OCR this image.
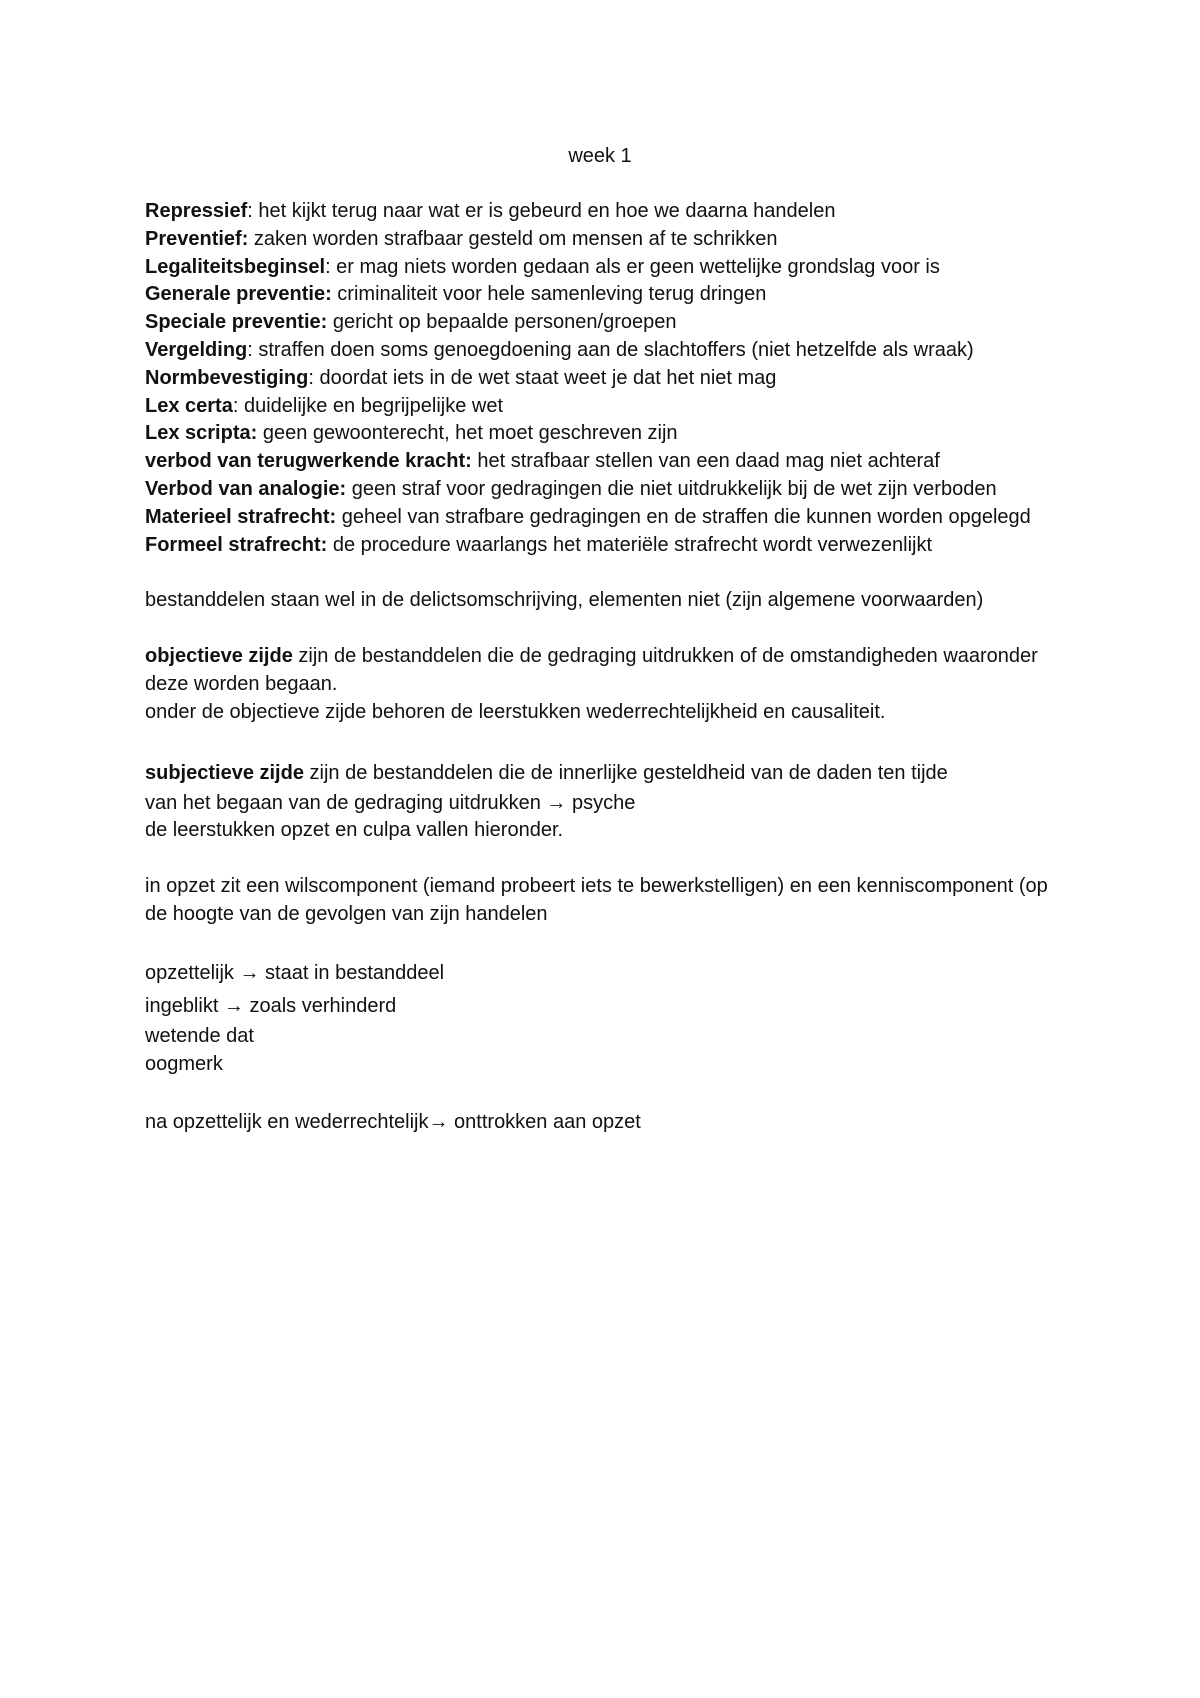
week 1

Repressief: het kijkt terug naar wat er is gebeurd en hoe we daarna handelen

Preventief: zaken worden strafbaar gesteld om mensen af te schrikken

Legaliteitsbeginsel: er mag niets worden gedaan als er geen wettelijke grondslag voor is

Generale preventie: criminaliteit voor hele samenleving terug dringen

Speciale preventie: gericht op bepaalde personen/groepen

Vergelding: straffen doen soms genoegdoening aan de slachtoffers (niet hetzelfde als wraak)

Normbevestiging: doordat iets in de wet staat weet je dat het niet mag

Lex certa: duidelijke en begrijpelijke wet

Lex scripta: geen gewoonterecht, het moet geschreven zijn

verbod van terugwerkende kracht: het strafbaar stellen van een daad mag niet achteraf

Verbod van analogie: geen straf voor gedragingen die niet uitdrukkelijk bij de wet zijn verboden

Materieel strafrecht: geheel van strafbare gedragingen en de straffen die kunnen worden opgelegd

Formeel strafrecht: de procedure waarlangs het materiële strafrecht wordt verwezenlijkt

bestanddelen staan wel in de delictsomschrijving, elementen niet (zijn algemene voorwaarden)

objectieve zijde zijn de bestanddelen die de gedraging uitdrukken of de omstandigheden waaronder deze worden begaan.

onder de objectieve zijde behoren de leerstukken wederrechtelijkheid en causaliteit.

subjectieve zijde zijn de bestanddelen die de innerlijke gesteldheid van de daden ten tijde

van het begaan van de gedraging uitdrukken → psyche

de leerstukken opzet en culpa vallen hieronder.

in opzet zit een wilscomponent (iemand probeert iets te bewerkstelligen) en een kenniscomponent (op de hoogte van de gevolgen van zijn handelen

opzettelijk → staat in bestanddeel

ingeblikt → zoals verhinderd

wetende dat

oogmerk

na opzettelijk en wederrechtelijk→ onttrokken aan opzet
